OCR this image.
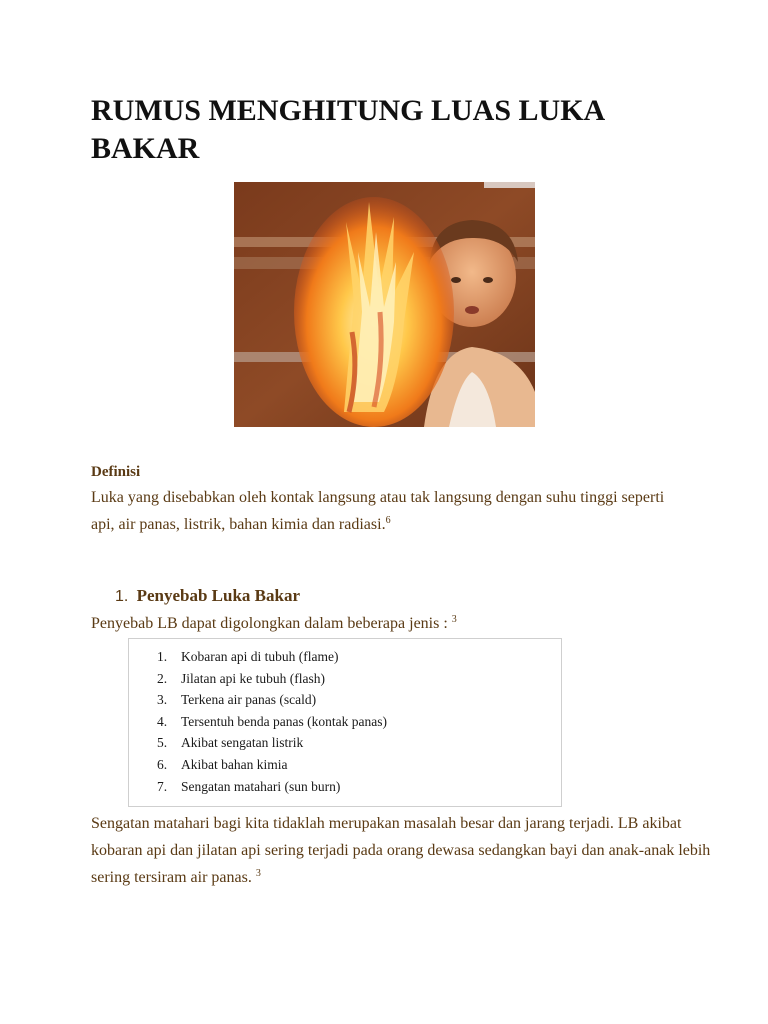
RUMUS MENGHITUNG LUAS LUKA BAKAR

Definisi

Luka yang disebabkan oleh kontak langsung atau tak langsung dengan suhu tinggi seperti api, air panas, listrik, bahan kimia dan radiasi.$^6$

1. Penyebab Luka Bakar

Penyebab LB dapat digolongkan dalam beberapa jenis : $^3$

1. Kobaran api di tubuh (flame)
2. Jilatan api ke tubuh (flash)
3. Terkena air panas (scald)
4. Tersentuh benda panas (kontak panas)
5. Akibat sengatan listrik
6. Akibat bahan kimia
7. Sengatan matahari (sun burn)

Sengatan matahari bagi kita tidaklah merupakan masalah besar dan jarang terjadi. LB akibat kobaran api dan jilatan api sering terjadi pada orang dewasa sedangkan bayi dan anak-anak lebih sering tersiram air panas. $^3$
